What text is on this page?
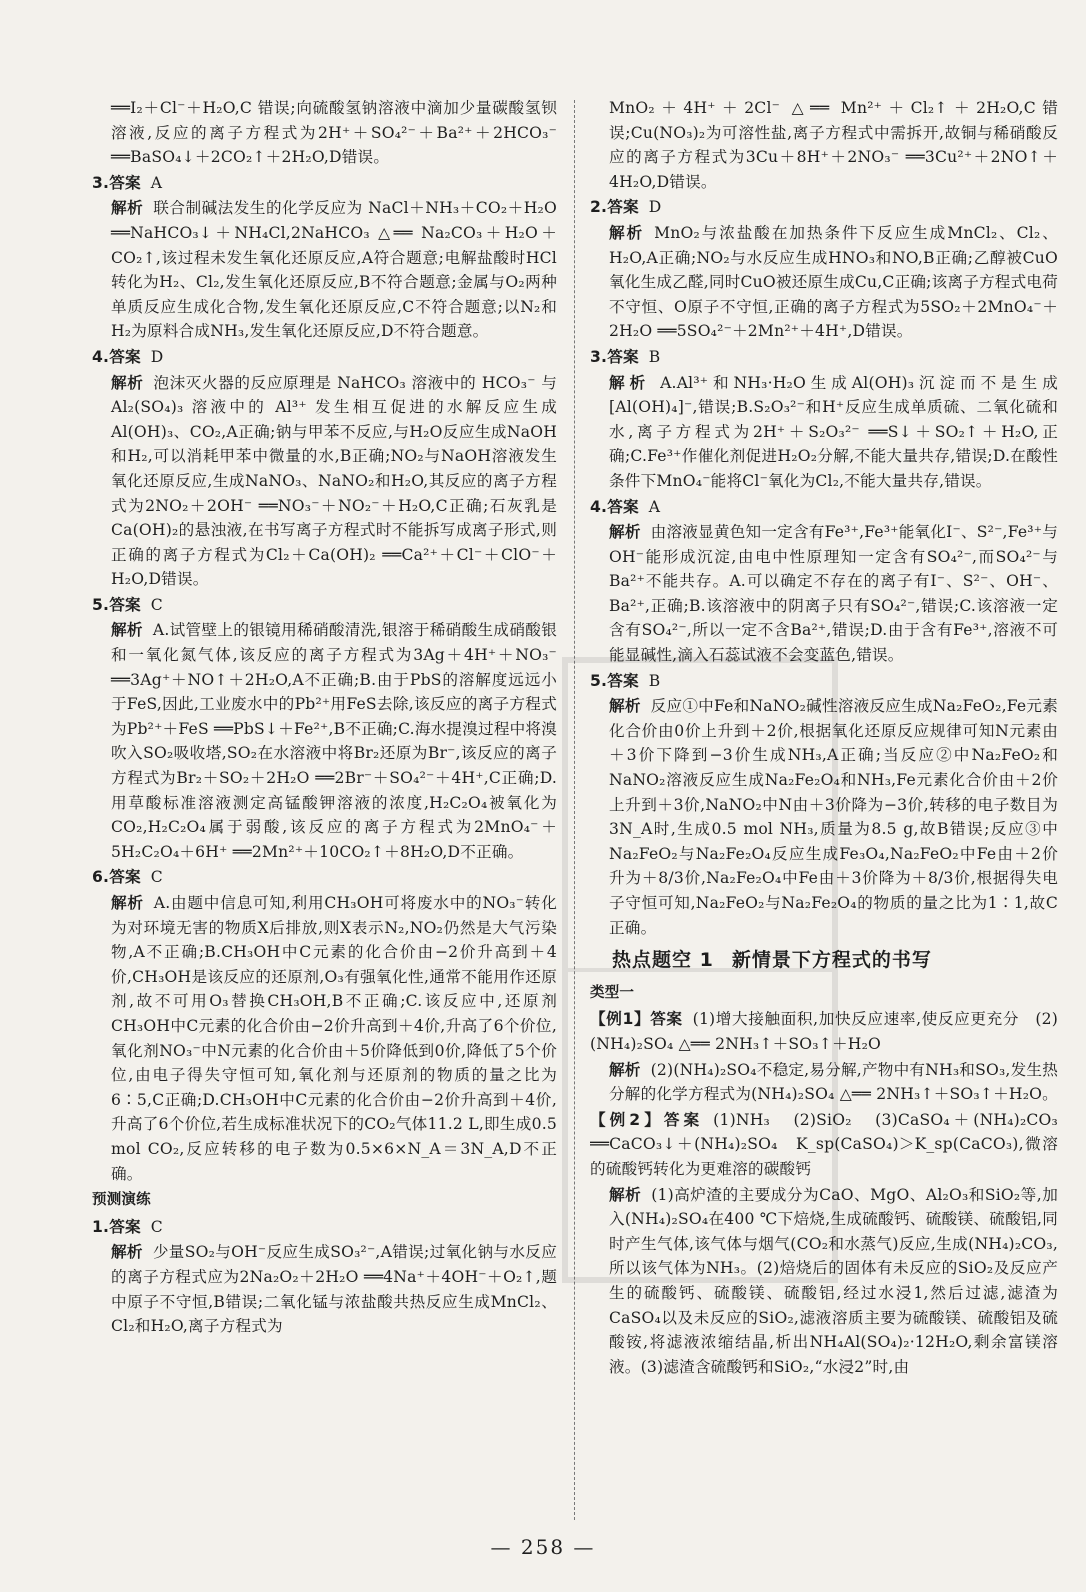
══I₂＋Cl⁻＋H₂O,C 错误;向硫酸氢钠溶液中滴加少量碳酸氢钡溶液,反应的离子方程式为2H⁺＋SO₄²⁻＋Ba²⁺＋2HCO₃⁻ ══BaSO₄↓＋2CO₂↑＋2H₂O,D错误。

3.答案 A

解析 联合制碱法发生的化学反应为 NaCl＋NH₃＋CO₂＋H₂O ══NaHCO₃↓＋NH₄Cl,2NaHCO₃ △══ Na₂CO₃＋H₂O＋CO₂↑,该过程未发生氧化还原反应,A符合题意;电解盐酸时HCl转化为H₂、Cl₂,发生氧化还原反应,B不符合题意;金属与O₂两种单质反应生成化合物,发生氧化还原反应,C不符合题意;以N₂和H₂为原料合成NH₃,发生氧化还原反应,D不符合题意。

4.答案 D

解析 泡沫灭火器的反应原理是 NaHCO₃ 溶液中的 HCO₃⁻ 与 Al₂(SO₄)₃ 溶液中的 Al³⁺ 发生相互促进的水解反应生成 Al(OH)₃、CO₂,A正确;钠与甲苯不反应,与H₂O反应生成NaOH和H₂,可以消耗甲苯中微量的水,B正确;NO₂与NaOH溶液发生氧化还原反应,生成NaNO₃、NaNO₂和H₂O,其反应的离子方程式为2NO₂＋2OH⁻ ══NO₃⁻＋NO₂⁻＋H₂O,C正确;石灰乳是Ca(OH)₂的悬浊液,在书写离子方程式时不能拆写成离子形式,则正确的离子方程式为Cl₂＋Ca(OH)₂ ══Ca²⁺＋Cl⁻＋ClO⁻＋H₂O,D错误。

5.答案 C

解析 A.试管壁上的银镜用稀硝酸清洗,银溶于稀硝酸生成硝酸银和一氧化氮气体,该反应的离子方程式为3Ag＋4H⁺＋NO₃⁻ ══3Ag⁺＋NO↑＋2H₂O,A不正确;B.由于PbS的溶解度远远小于FeS,因此,工业废水中的Pb²⁺用FeS去除,该反应的离子方程式为Pb²⁺＋FeS ══PbS↓＋Fe²⁺,B不正确;C.海水提溴过程中将溴吹入SO₂吸收塔,SO₂在水溶液中将Br₂还原为Br⁻,该反应的离子方程式为Br₂＋SO₂＋2H₂O ══2Br⁻＋SO₄²⁻＋4H⁺,C正确;D.用草酸标准溶液测定高锰酸钾溶液的浓度,H₂C₂O₄被氧化为CO₂,H₂C₂O₄属于弱酸,该反应的离子方程式为2MnO₄⁻＋5H₂C₂O₄＋6H⁺ ══2Mn²⁺＋10CO₂↑＋8H₂O,D不正确。

6.答案 C

解析 A.由题中信息可知,利用CH₃OH可将废水中的NO₃⁻转化为对环境无害的物质X后排放,则X表示N₂,NO₂仍然是大气污染物,A不正确;B.CH₃OH中C元素的化合价由−2价升高到＋4价,CH₃OH是该反应的还原剂,O₃有强氧化性,通常不能用作还原剂,故不可用O₃替换CH₃OH,B不正确;C.该反应中,还原剂CH₃OH中C元素的化合价由−2价升高到＋4价,升高了6个价位,氧化剂NO₃⁻中N元素的化合价由＋5价降低到0价,降低了5个价位,由电子得失守恒可知,氧化剂与还原剂的物质的量之比为6∶5,C正确;D.CH₃OH中C元素的化合价由−2价升高到＋4价,升高了6个价位,若生成标准状况下的CO₂气体11.2 L,即生成0.5 mol CO₂,反应转移的电子数为0.5×6×N_A＝3N_A,D不正确。

预测演练

1.答案 C

解析 少量SO₂与OH⁻反应生成SO₃²⁻,A错误;过氧化钠与水反应的离子方程式应为2Na₂O₂＋2H₂O ══4Na⁺＋4OH⁻＋O₂↑,题中原子不守恒,B错误;二氧化锰与浓盐酸共热反应生成MnCl₂、Cl₂和H₂O,离子方程式为

MnO₂＋4H⁺＋2Cl⁻ △══ Mn²⁺＋Cl₂↑＋2H₂O,C错误;Cu(NO₃)₂为可溶性盐,离子方程式中需拆开,故铜与稀硝酸反应的离子方程式为3Cu＋8H⁺＋2NO₃⁻ ══3Cu²⁺＋2NO↑＋4H₂O,D错误。

2.答案 D

解析 MnO₂与浓盐酸在加热条件下反应生成MnCl₂、Cl₂、H₂O,A正确;NO₂与水反应生成HNO₃和NO,B正确;乙醇被CuO氧化生成乙醛,同时CuO被还原生成Cu,C正确;该离子方程式电荷不守恒、O原子不守恒,正确的离子方程式为5SO₂＋2MnO₄⁻＋2H₂O ══5SO₄²⁻＋2Mn²⁺＋4H⁺,D错误。

3.答案 B

解析 A.Al³⁺和NH₃·H₂O生成Al(OH)₃沉淀而不是生成[Al(OH)₄]⁻,错误;B.S₂O₃²⁻和H⁺反应生成单质硫、二氧化硫和水,离子方程式为2H⁺＋S₂O₃²⁻ ══S↓＋SO₂↑＋H₂O,正确;C.Fe³⁺作催化剂促进H₂O₂分解,不能大量共存,错误;D.在酸性条件下MnO₄⁻能将Cl⁻氧化为Cl₂,不能大量共存,错误。

4.答案 A

解析 由溶液显黄色知一定含有Fe³⁺,Fe³⁺能氧化I⁻、S²⁻,Fe³⁺与OH⁻能形成沉淀,由电中性原理知一定含有SO₄²⁻,而SO₄²⁻与Ba²⁺不能共存。A.可以确定不存在的离子有I⁻、S²⁻、OH⁻、Ba²⁺,正确;B.该溶液中的阴离子只有SO₄²⁻,错误;C.该溶液一定含有SO₄²⁻,所以一定不含Ba²⁺,错误;D.由于含有Fe³⁺,溶液不可能显碱性,滴入石蕊试液不会变蓝色,错误。

5.答案 B

解析 反应①中Fe和NaNO₂碱性溶液反应生成Na₂FeO₂,Fe元素化合价由0价上升到＋2价,根据氧化还原反应规律可知N元素由＋3价下降到−3价生成NH₃,A正确;当反应②中Na₂FeO₂和NaNO₂溶液反应生成Na₂Fe₂O₄和NH₃,Fe元素化合价由＋2价上升到＋3价,NaNO₂中N由＋3价降为−3价,转移的电子数目为3N_A时,生成0.5 mol NH₃,质量为8.5 g,故B错误;反应③中Na₂FeO₂与Na₂Fe₂O₄反应生成Fe₃O₄,Na₂FeO₂中Fe由＋2价升为＋8/3价,Na₂Fe₂O₄中Fe由＋3价降为＋8/3价,根据得失电子守恒可知,Na₂FeO₂与Na₂Fe₂O₄的物质的量之比为1∶1,故C正确。

热点题空 1 新情景下方程式的书写
类型一

【例1】答案 (1)增大接触面积,加快反应速率,使反应更充分　(2)(NH₄)₂SO₄ △══ 2NH₃↑＋SO₃↑＋H₂O

解析 (2)(NH₄)₂SO₄不稳定,易分解,产物中有NH₃和SO₃,发生热分解的化学方程式为(NH₄)₂SO₄ △══ 2NH₃↑＋SO₃↑＋H₂O。

【例2】答案 (1)NH₃　(2)SiO₂　(3)CaSO₄＋(NH₄)₂CO₃ ══CaCO₃↓＋(NH₄)₂SO₄　K_sp(CaSO₄)＞K_sp(CaCO₃),微溶的硫酸钙转化为更难溶的碳酸钙

解析 (1)高炉渣的主要成分为CaO、MgO、Al₂O₃和SiO₂等,加入(NH₄)₂SO₄在400 ℃下焙烧,生成硫酸钙、硫酸镁、硫酸铝,同时产生气体,该气体与烟气(CO₂和水蒸气)反应,生成(NH₄)₂CO₃,所以该气体为NH₃。(2)焙烧后的固体有未反应的SiO₂及反应产生的硫酸钙、硫酸镁、硫酸铝,经过水浸1,然后过滤,滤渣为CaSO₄以及未反应的SiO₂,滤液溶质主要为硫酸镁、硫酸铝及硫酸铵,将滤液浓缩结晶,析出NH₄Al(SO₄)₂·12H₂O,剩余富镁溶液。(3)滤渣含硫酸钙和SiO₂,“水浸2”时,由

— 258 —
